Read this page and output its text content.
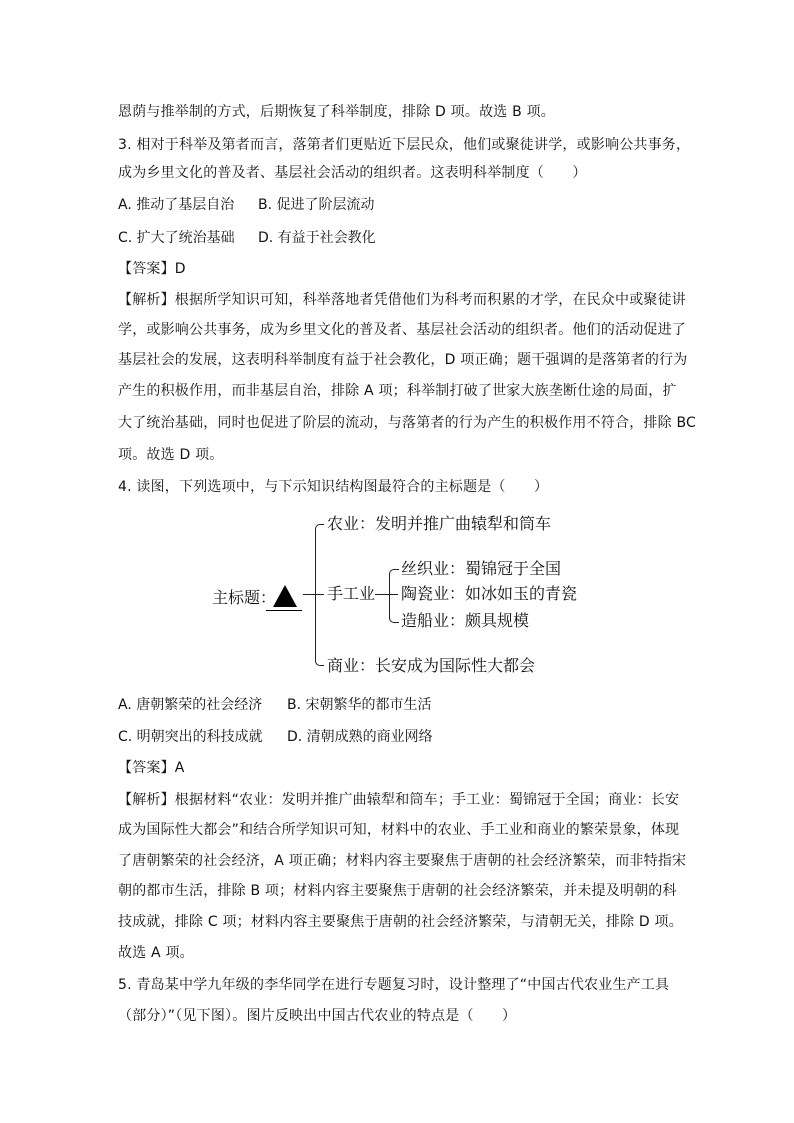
恩荫与推举制的方式，后期恢复了科举制度，排除 D 项。故选 B 项。
3. 相对于科举及第者而言，落第者们更贴近下层民众，他们或聚徒讲学，或影响公共事务，
成为乡里文化的普及者、基层社会活动的组织者。这表明科举制度（　　）
A. 推动了基层自治 B. 促进了阶层流动
C. 扩大了统治基础 D. 有益于社会教化
【答案】D
【解析】根据所学知识可知，科举落地者凭借他们为科考而积累的才学，在民众中或聚徒讲
学，或影响公共事务，成为乡里文化的普及者、基层社会活动的组织者。他们的活动促进了
基层社会的发展，这表明科举制度有益于社会教化，D 项正确；题干强调的是落第者的行为
产生的积极作用，而非基层自治，排除 A 项；科举制打破了世家大族垄断仕途的局面，扩
大了统治基础，同时也促进了阶层的流动，与落第者的行为产生的积极作用不符合，排除 BC
项。故选 D 项。
4. 读图，下列选项中，与下示知识结构图最符合的主标题是（　　）
主标题：
农业：发明并推广曲辕犁和筒车
手工业
商业：长安成为国际性大都会
丝织业：蜀锦冠于全国
陶瓷业：如冰如玉的青瓷
造船业：颇具规模
A. 唐朝繁荣的社会经济 B. 宋朝繁华的都市生活
C. 明朝突出的科技成就 D. 清朝成熟的商业网络
【答案】A
【解析】根据材料“农业：发明并推广曲辕犁和筒车；手工业：蜀锦冠于全国；商业：长安
成为国际性大都会”和结合所学知识可知，材料中的农业、手工业和商业的繁荣景象，体现
了唐朝繁荣的社会经济，A 项正确；材料内容主要聚焦于唐朝的社会经济繁荣，而非特指宋
朝的都市生活，排除 B 项；材料内容主要聚焦于唐朝的社会经济繁荣，并未提及明朝的科
技成就，排除 C 项；材料内容主要聚焦于唐朝的社会经济繁荣，与清朝无关，排除 D 项。
故选 A 项。
5. 青岛某中学九年级的李华同学在进行专题复习时，设计整理了“中国古代农业生产工具
（部分）”（见下图）。图片反映出中国古代农业的特点是（　　）
